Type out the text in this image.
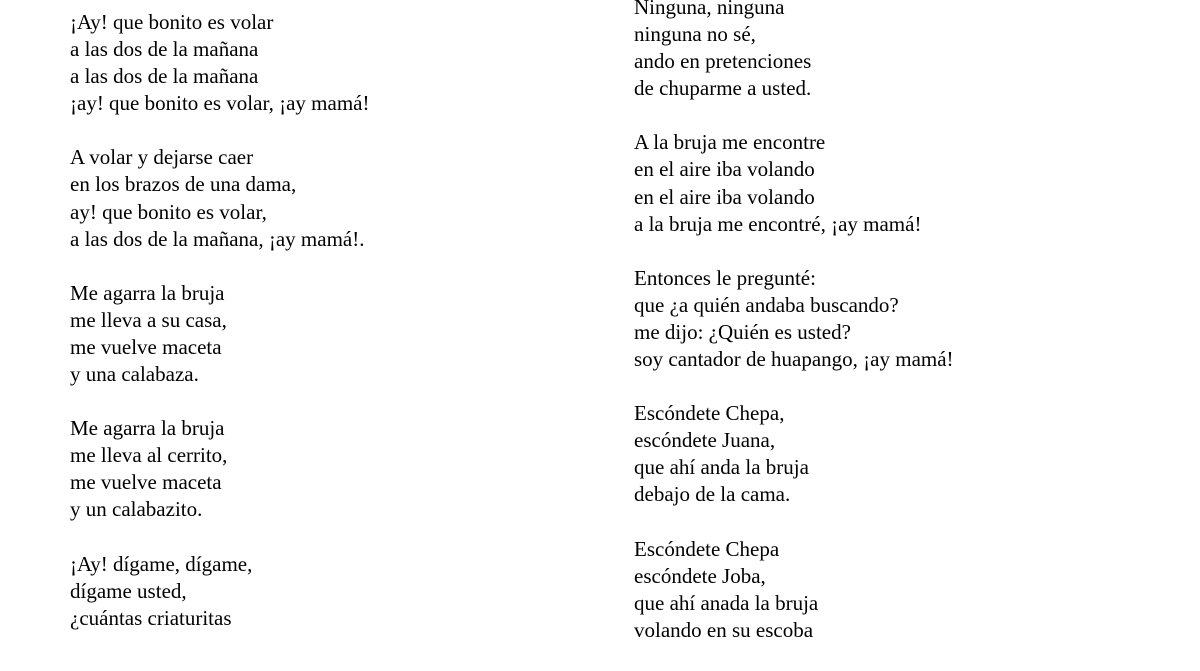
¡Ay! que bonito es volar
a las dos de la mañana
a las dos de la mañana
¡ay! que bonito es volar, ¡ay mamá!
A volar y dejarse caer
en los brazos de una dama,
ay! que bonito es volar,
a las dos de la mañana, ¡ay mamá!.
Me agarra la bruja
me lleva a su casa,
me vuelve maceta
y una calabaza.
Me agarra la bruja
me lleva al cerrito,
me vuelve maceta
y un calabazito.
¡Ay! dígame, dígame,
dígame usted,
¿cuántas criaturitas
Ninguna, ninguna
ninguna no sé,
ando en pretenciones
de chuparme a usted.
A la bruja me encontre
en el aire iba volando
en el aire iba volando
a la bruja me encontré, ¡ay mamá!
Entonces le pregunté:
que ¿a quién andaba buscando?
me dijo: ¿Quién es usted?
soy cantador de huapango, ¡ay mamá!
Escóndete Chepa,
escóndete Juana,
que ahí anda la bruja
debajo de la cama.
Escóndete Chepa
escóndete Joba,
que ahí anada la bruja
volando en su escoba
